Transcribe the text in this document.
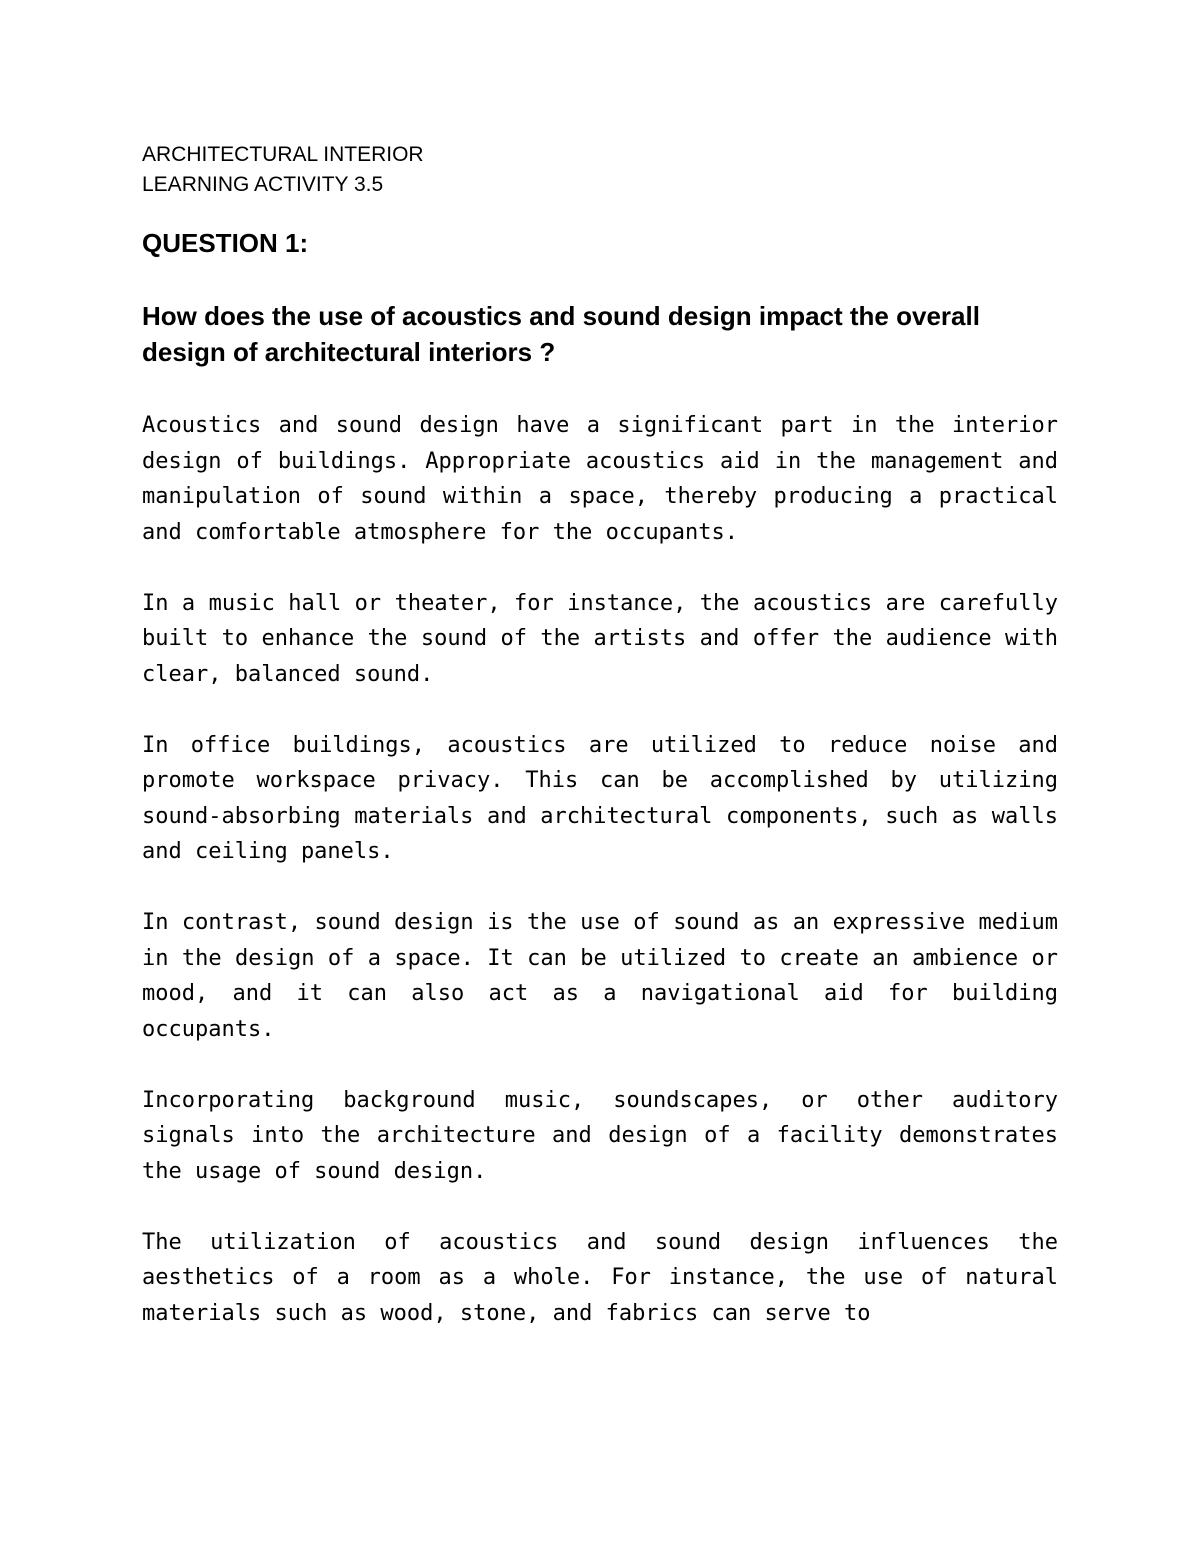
ARCHITECTURAL INTERIOR
LEARNING ACTIVITY 3.5
QUESTION 1:
How does the use of acoustics and sound design impact the overall design of architectural interiors ?

Acoustics and sound design have a significant part in the interior design of buildings. Appropriate acoustics aid in the management and manipulation of sound within a space, thereby producing a practical and comfortable atmosphere for the occupants.

In a music hall or theater, for instance, the acoustics are carefully built to enhance the sound of the artists and offer the audience with clear, balanced sound.

In office buildings, acoustics are utilized to reduce noise and promote workspace privacy. This can be accomplished by utilizing sound-absorbing materials and architectural components, such as walls and ceiling panels.

In contrast, sound design is the use of sound as an expressive medium in the design of a space. It can be utilized to create an ambience or mood, and it can also act as a navigational aid for building occupants.

Incorporating background music, soundscapes, or other auditory signals into the architecture and design of a facility demonstrates the usage of sound design.

The utilization of acoustics and sound design influences the aesthetics of a room as a whole. For instance, the use of natural materials such as wood, stone, and fabrics can serve to
